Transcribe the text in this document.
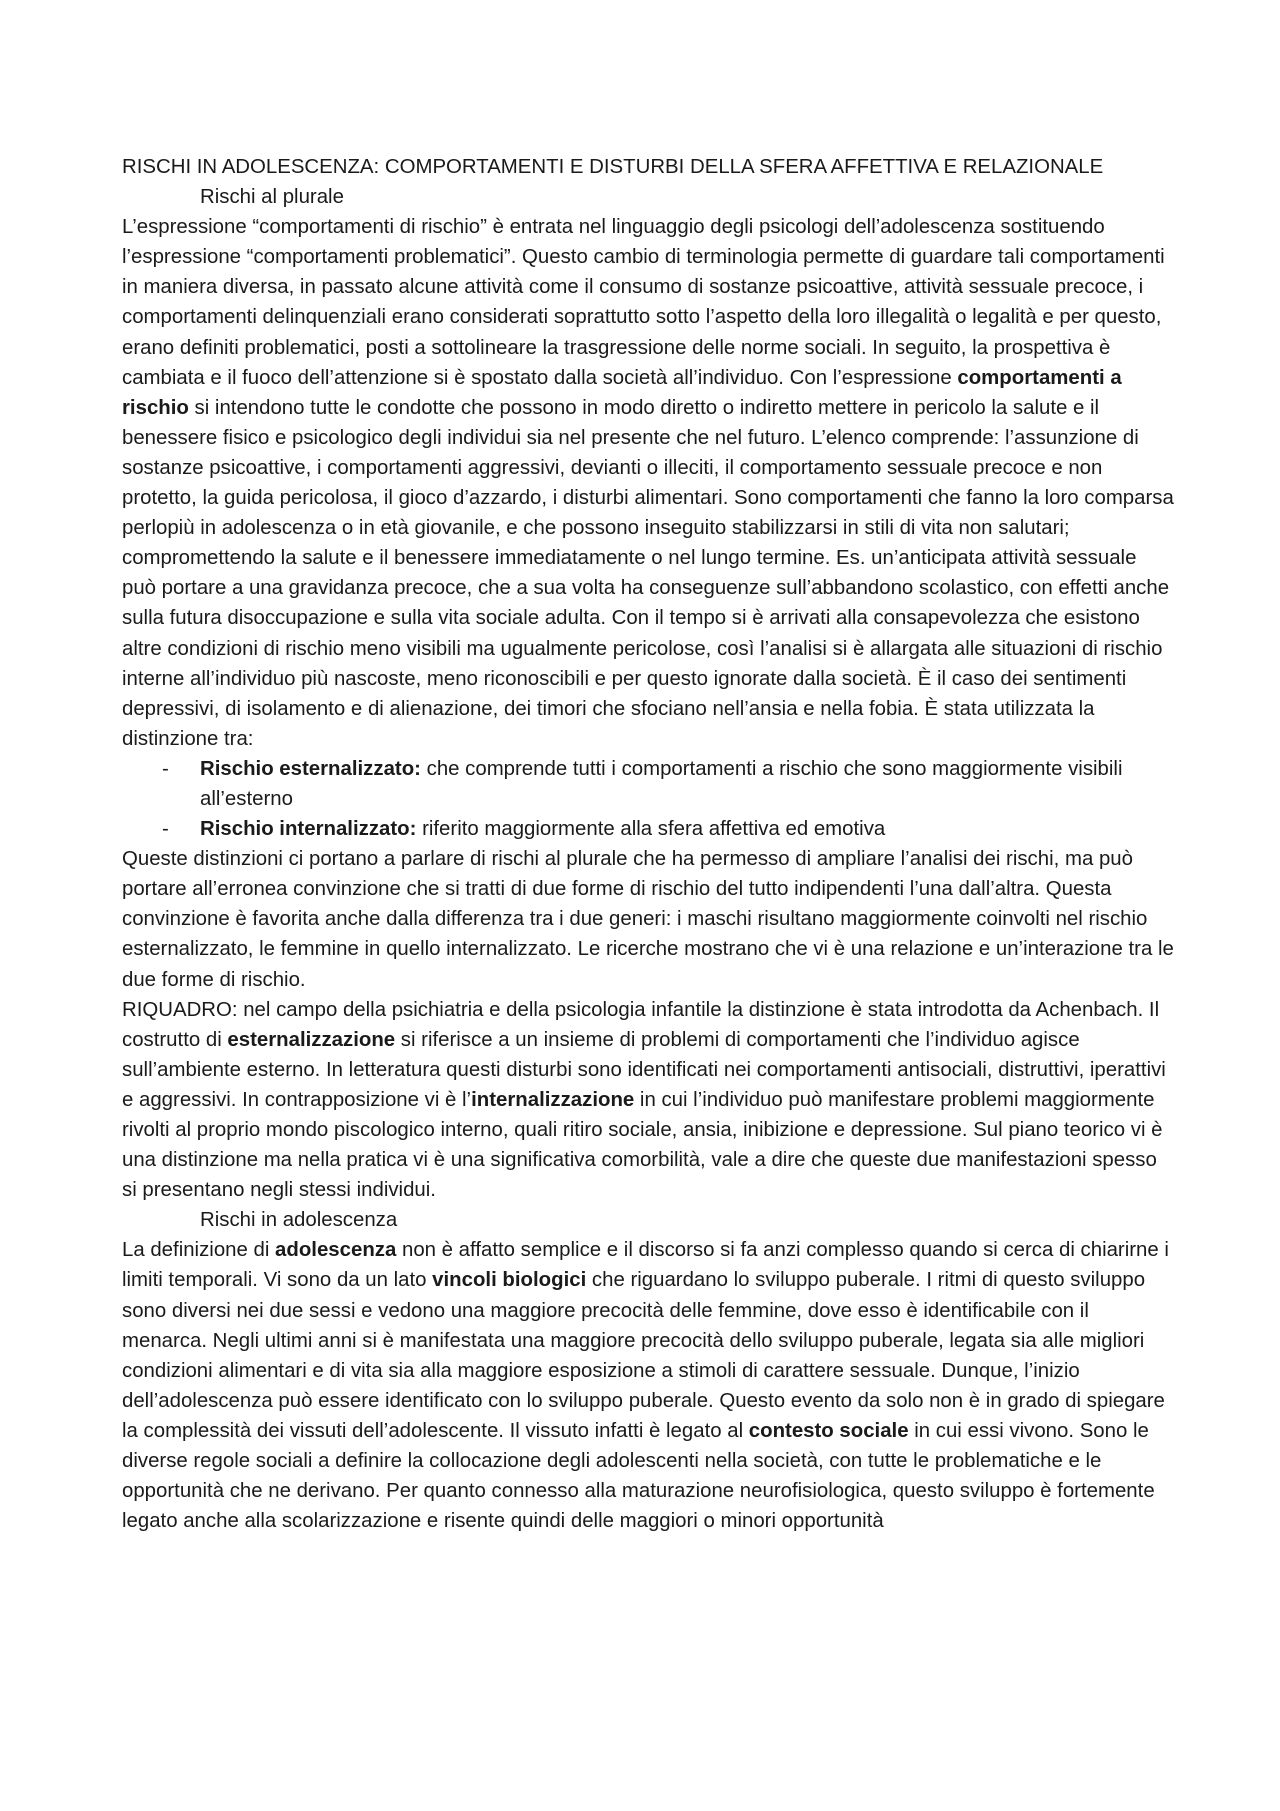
RISCHI IN ADOLESCENZA: COMPORTAMENTI E DISTURBI DELLA SFERA AFFETTIVA E RELAZIONALE

Rischi al plurale

L’espressione “comportamenti di rischio” è entrata nel linguaggio degli psicologi dell’adolescenza sostituendo l’espressione “comportamenti problematici”. Questo cambio di terminologia permette di guardare tali comportamenti in maniera diversa, in passato alcune attività come il consumo di sostanze psicoattive, attività sessuale precoce, i comportamenti delinquenziali erano considerati soprattutto sotto l’aspetto della loro illegalità o legalità e per questo, erano definiti problematici, posti a sottolineare la trasgressione delle norme sociali. In seguito, la prospettiva è cambiata e il fuoco dell’attenzione si è spostato dalla società all’individuo. Con l’espressione comportamenti a rischio si intendono tutte le condotte che possono in modo diretto o indiretto mettere in pericolo la salute e il benessere fisico e psicologico degli individui sia nel presente che nel futuro. L’elenco comprende: l’assunzione di sostanze psicoattive, i comportamenti aggressivi, devianti o illeciti, il comportamento sessuale precoce e non protetto, la guida pericolosa, il gioco d’azzardo, i disturbi alimentari. Sono comportamenti che fanno la loro comparsa perlopiù in adolescenza o in età giovanile, e che possono inseguito stabilizzarsi in stili di vita non salutari; compromettendo la salute e il benessere immediatamente o nel lungo termine. Es. un’anticipata attività sessuale può portare a una gravidanza precoce, che a sua volta ha conseguenze sull’abbandono scolastico, con effetti anche sulla futura disoccupazione e sulla vita sociale adulta. Con il tempo si è arrivati alla consapevolezza che esistono altre condizioni di rischio meno visibili ma ugualmente pericolose, così l’analisi si è allargata alle situazioni di rischio interne all’individuo più nascoste, meno riconoscibili e per questo ignorate dalla società. È il caso dei sentimenti depressivi, di isolamento e di alienazione, dei timori che sfociano nell’ansia e nella fobia. È stata utilizzata la distinzione tra:

- Rischio esternalizzato: che comprende tutti i comportamenti a rischio che sono maggiormente visibili all’esterno
- Rischio internalizzato: riferito maggiormente alla sfera affettiva ed emotiva

Queste distinzioni ci portano a parlare di rischi al plurale che ha permesso di ampliare l’analisi dei rischi, ma può portare all’erronea convinzione che si tratti di due forme di rischio del tutto indipendenti l’una dall’altra. Questa convinzione è favorita anche dalla differenza tra i due generi: i maschi risultano maggiormente coinvolti nel rischio esternalizzato, le femmine in quello internalizzato. Le ricerche mostrano che vi è una relazione e un’interazione tra le due forme di rischio.

RIQUADRO: nel campo della psichiatria e della psicologia infantile la distinzione è stata introdotta da Achenbach. Il costrutto di esternalizzazione si riferisce a un insieme di problemi di comportamenti che l’individuo agisce sull’ambiente esterno. In letteratura questi disturbi sono identificati nei comportamenti antisociali, distruttivi, iperattivi e aggressivi. In contrapposizione vi è l’internalizzazione in cui l’individuo può manifestare problemi maggiormente rivolti al proprio mondo piscologico interno, quali ritiro sociale, ansia, inibizione e depressione. Sul piano teorico vi è una distinzione ma nella pratica vi è una significativa comorbilità, vale a dire che queste due manifestazioni spesso si presentano negli stessi individui.

Rischi in adolescenza

La definizione di adolescenza non è affatto semplice e il discorso si fa anzi complesso quando si cerca di chiarirne i limiti temporali. Vi sono da un lato vincoli biologici che riguardano lo sviluppo puberale. I ritmi di questo sviluppo sono diversi nei due sessi e vedono una maggiore precocità delle femmine, dove esso è identificabile con il menarca. Negli ultimi anni si è manifestata una maggiore precocità dello sviluppo puberale, legata sia alle migliori condizioni alimentari e di vita sia alla maggiore esposizione a stimoli di carattere sessuale. Dunque, l’inizio dell’adolescenza può essere identificato con lo sviluppo puberale. Questo evento da solo non è in grado di spiegare la complessità dei vissuti dell’adolescente. Il vissuto infatti è legato al contesto sociale in cui essi vivono. Sono le diverse regole sociali a definire la collocazione degli adolescenti nella società, con tutte le problematiche e le opportunità che ne derivano. Per quanto connesso alla maturazione neurofisiologica, questo sviluppo è fortemente legato anche alla scolarizzazione e risente quindi delle maggiori o minori opportunità
